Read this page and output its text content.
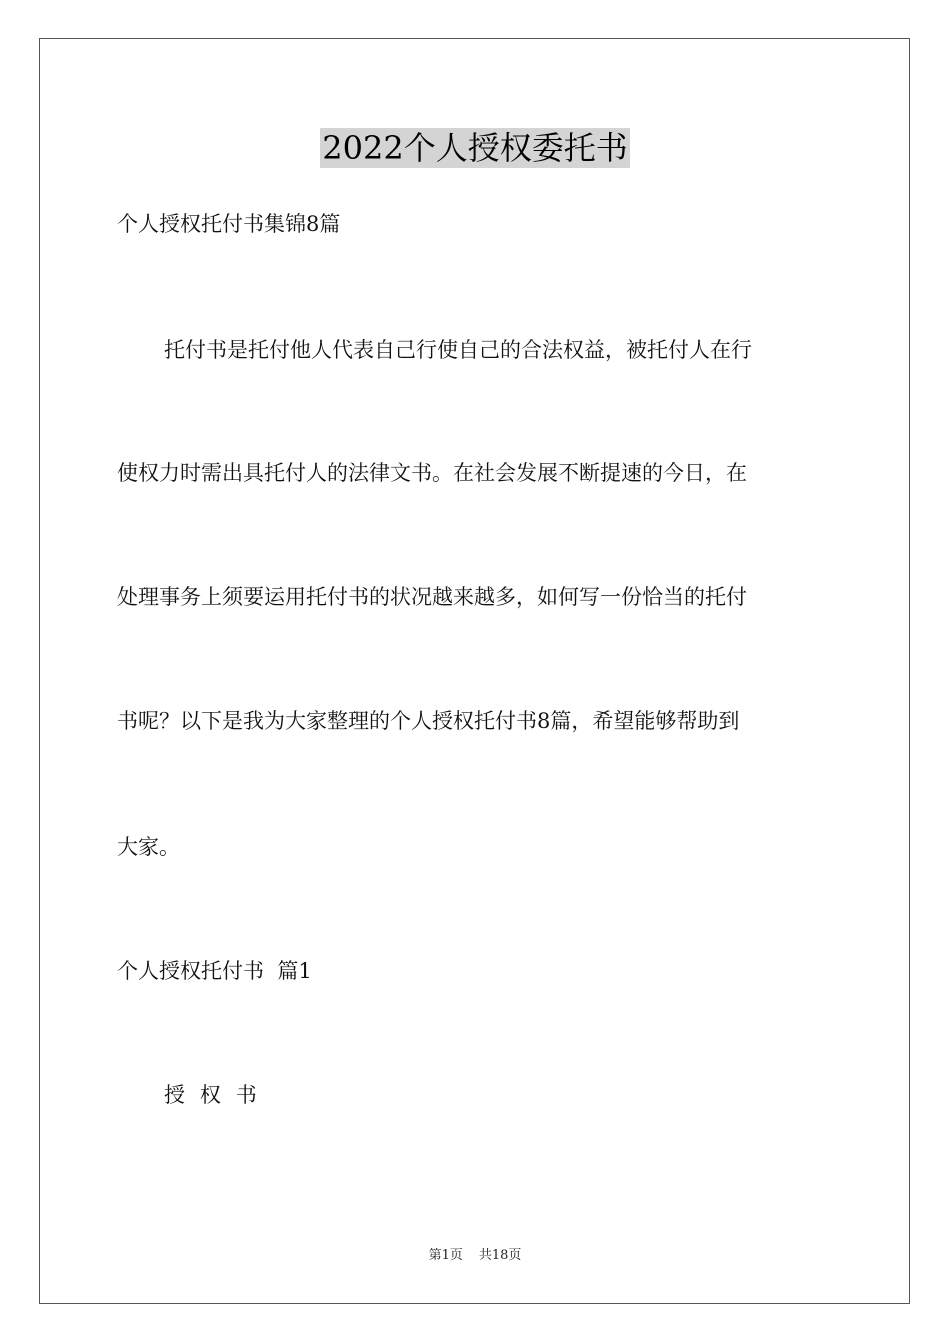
2022个人授权委托书
个人授权托付书集锦8篇
托付书是托付他人代表自己行使自己的合法权益，被托付人在行
使权力时需出具托付人的法律文书。在社会发展不断提速的今日，在
处理事务上须要运用托付书的状况越来越多，如何写一份恰当的托付
书呢？以下是我为大家整理的个人授权托付书8篇，希望能够帮助到
大家。
个人授权托付书  篇1
授  权  书
第1页 共18页
